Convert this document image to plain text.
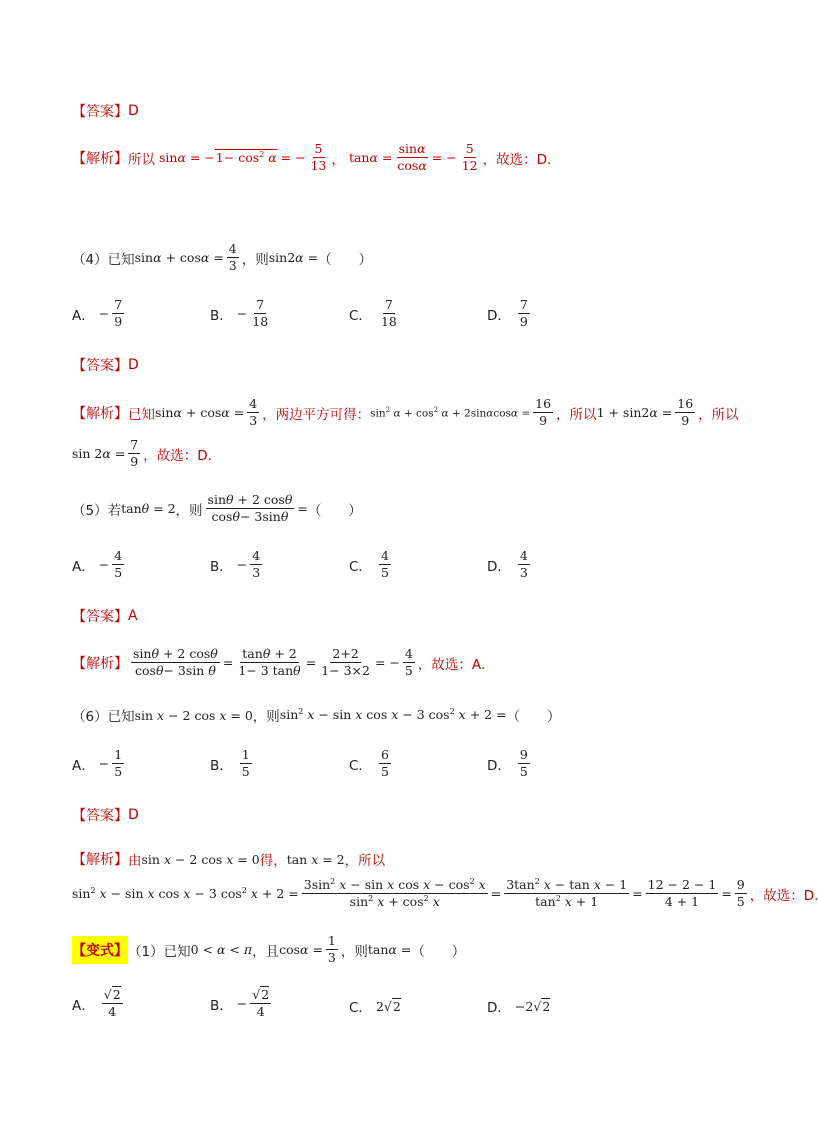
【答案】 D
【解析】 所以 $\sin\alpha = -1- \cos^2 \alpha$ = − $\frac{5}{13}$ ， $\tan\alpha = \frac{\sin\alpha}{\cos\alpha}$ = − $\frac{5}{12}$ ，故选：D.
（4） 已知 $\sin\alpha + \cos\alpha = \frac{4}{3}$ ，则 sin2α = （　　）
A． − $\frac{7}{9}$	B． − $\frac{7}{18}$	C． $\frac{7}{18}$	D． $\frac{7}{9}$
【答案】 D
【解析】 已知 $\sin\alpha + \cos\alpha = \frac{4}{3}$ ，两边平方可得： $\sin^2 \alpha + \cos^2 \alpha + 2\sin\alpha\cos\alpha = \frac{16}{9}$ ，所以 $1 + \sin 2\alpha = \frac{16}{9}$ ，所以
$\sin 2\alpha = \frac{7}{9}$ ，故选：D．
（5） 若 tanθ = 2 ，则 $\frac{\sin\theta + 2 \cos\theta}{\cos\theta- 3\sin\theta}$ = （　　）
A． − $\frac{4}{5}$	B． − $\frac{4}{3}$	C． $\frac{4}{5}$	D． $\frac{4}{3}$
【答案】 A
【解析】 $\frac{\sin\theta + 2 \cos\theta}{\text{cosθ− 3sin θ}} = \frac{\tan\theta + 2}{1- 3 \tan\theta} = \frac{2+2}{1- 3\times 2}$ = − $\frac{4}{5}$ ，故选：A．
（6） 已知 sin x − 2 cos x = 0 ，则 $\sin^2 x - \sin x$ cos x − 3 $\cos^2 x + 2$ = （　　）
A． − $\frac{1}{5}$	B． $\frac{1}{5}$	C． $\frac{6}{5}$	D． $\frac{9}{5}$
【答案】 D
【解析】 由 sin x − 2 cos x = 0 得， tan x = 2 ，所以
$\sin^2 x - \sin x$ cos x − 3 $\cos^2 x + 2 = \frac{3\sin^2 x - \sin x \cos x - \cos^2 x}{\sin^2 x + \cos^2 x} = \frac{3\tan^2 x - \tan x - 1}{\tan^2 x + 1} = \frac{12 - 2 - 1}{4 + 1} = \frac{9}{5}$ ，故选：D.
【变式】 （1） 已知 0 < α < π ，且 $\cos\alpha = \frac{1}{3}$ ，则 tanα = （　　）
A． $\frac{√2}{4}$	B． − $\frac{√2}{4}$	C． 2√2	D． −2√2
